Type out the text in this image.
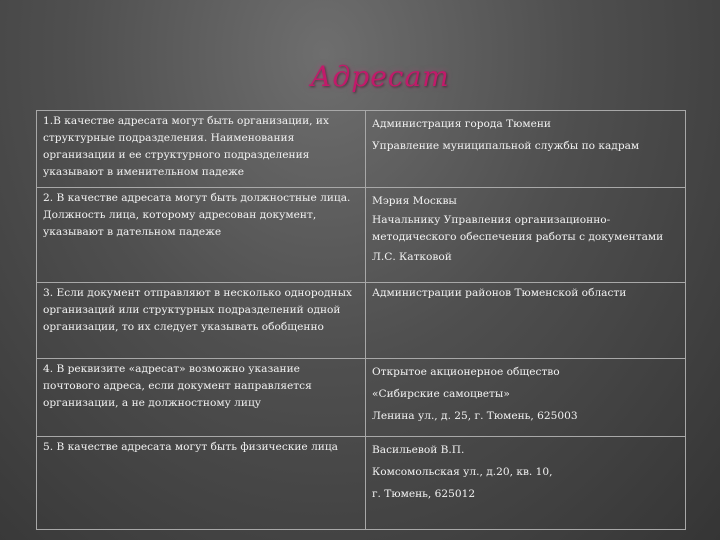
Адресат
1.В качестве адресата могут быть организации, их структурные подразделения. Наименования организации и ее структурного подразделения указывают в именительном падеже	Администрация города Тюмени
Управление муниципальной службы по кадрам

2. В качестве адресата могут быть должностные лица.
Должность лица, которому адресован документ, указывают в дательном падеже	Мэрия Москвы
Начальнику Управления организационно-методического обеспечения работы с документами
Л.С. Катковой

3. Если документ отправляют в несколько однородных организаций или структурных подразделений одной организации, то их следует указывать обобщенно	Администрации районов Тюменской области

4. В реквизите «адресат» возможно указание почтового адреса, если документ направляется организации, а не должностному лицу	Открытое акционерное общество
«Сибирские самоцветы»
Ленина ул., д. 25, г. Тюмень, 625003

5. В качестве адресата могут быть физические лица	Васильевой В.П.
Комсомольская ул., д.20, кв. 10,
г. Тюмень, 625012
